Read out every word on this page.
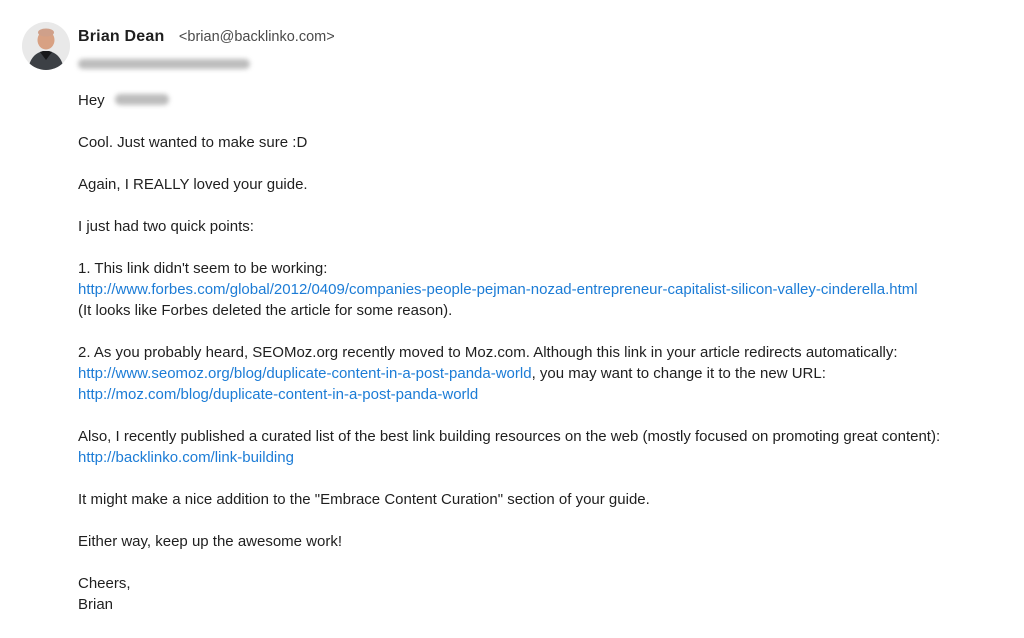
Brian Dean <brian@backlinko.com>

Hey

Cool. Just wanted to make sure :D

Again, I REALLY loved your guide.

I just had two quick points:

1. This link didn't seem to be working:
http://www.forbes.com/global/2012/0409/companies-people-pejman-nozad-entrepreneur-capitalist-silicon-valley-cinderella.html
(It looks like Forbes deleted the article for some reason).

2. As you probably heard, SEOMoz.org recently moved to Moz.com. Although this link in your article redirects automatically:
http://www.seomoz.org/blog/duplicate-content-in-a-post-panda-world, you may want to change it to the new URL:
http://moz.com/blog/duplicate-content-in-a-post-panda-world

Also, I recently published a curated list of the best link building resources on the web (mostly focused on promoting great content):
http://backlinko.com/link-building

It might make a nice addition to the "Embrace Content Curation" section of your guide.

Either way, keep up the awesome work!

Cheers,
Brian
